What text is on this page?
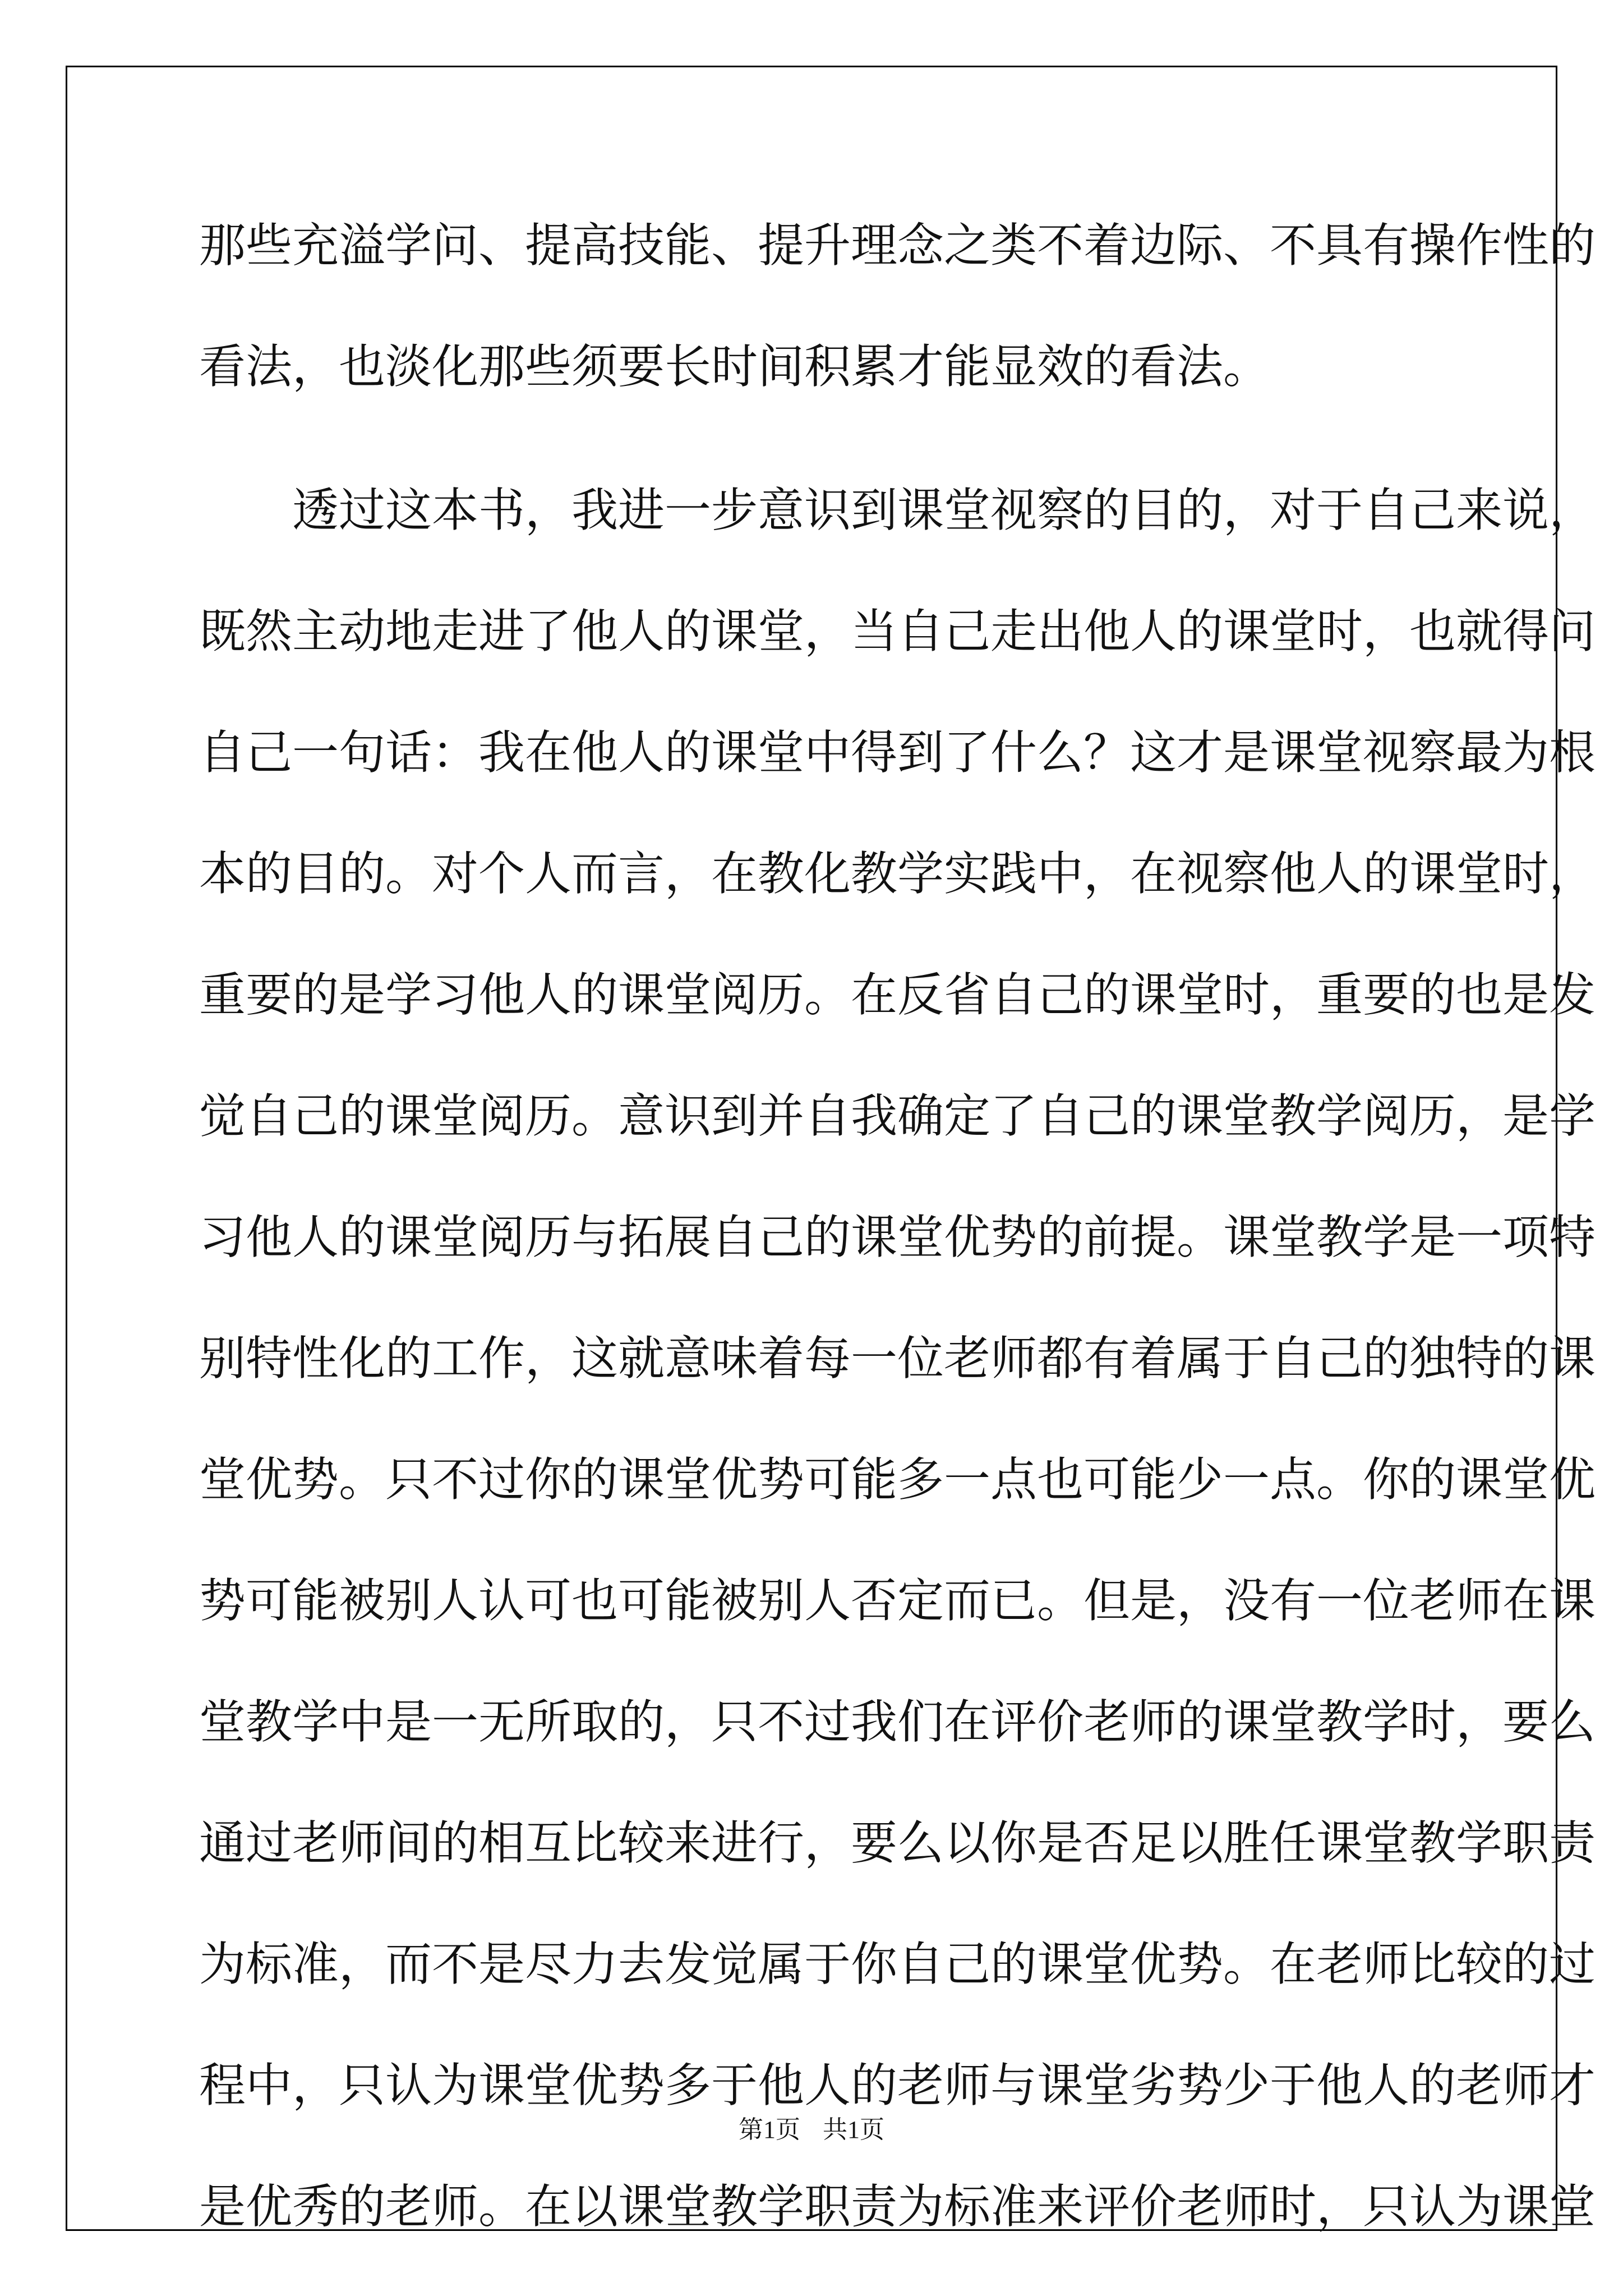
那些充溢学问、提高技能、提升理念之类不着边际、不具有操作性的
看法，也淡化那些须要长时间积累才能显效的看法。
透过这本书，我进一步意识到课堂视察的目的，对于自己来说，
既然主动地走进了他人的课堂，当自己走出他人的课堂时，也就得问
自己一句话：我在他人的课堂中得到了什么？这才是课堂视察最为根
本的目的。对个人而言，在教化教学实践中，在视察他人的课堂时，
重要的是学习他人的课堂阅历。在反省自己的课堂时，重要的也是发
觉自己的课堂阅历。意识到并自我确定了自己的课堂教学阅历，是学
习他人的课堂阅历与拓展自己的课堂优势的前提。课堂教学是一项特
别特性化的工作，这就意味着每一位老师都有着属于自己的独特的课
堂优势。只不过你的课堂优势可能多一点也可能少一点。你的课堂优
势可能被别人认可也可能被别人否定而已。但是，没有一位老师在课
堂教学中是一无所取的，只不过我们在评价老师的课堂教学时，要么
通过老师间的相互比较来进行，要么以你是否足以胜任课堂教学职责
为标准，而不是尽力去发觉属于你自己的课堂优势。在老师比较的过
程中，只认为课堂优势多于他人的老师与课堂劣势少于他人的老师才
是优秀的老师。在以课堂教学职责为标准来评价老师时，只认为课堂
第1页 共1页
